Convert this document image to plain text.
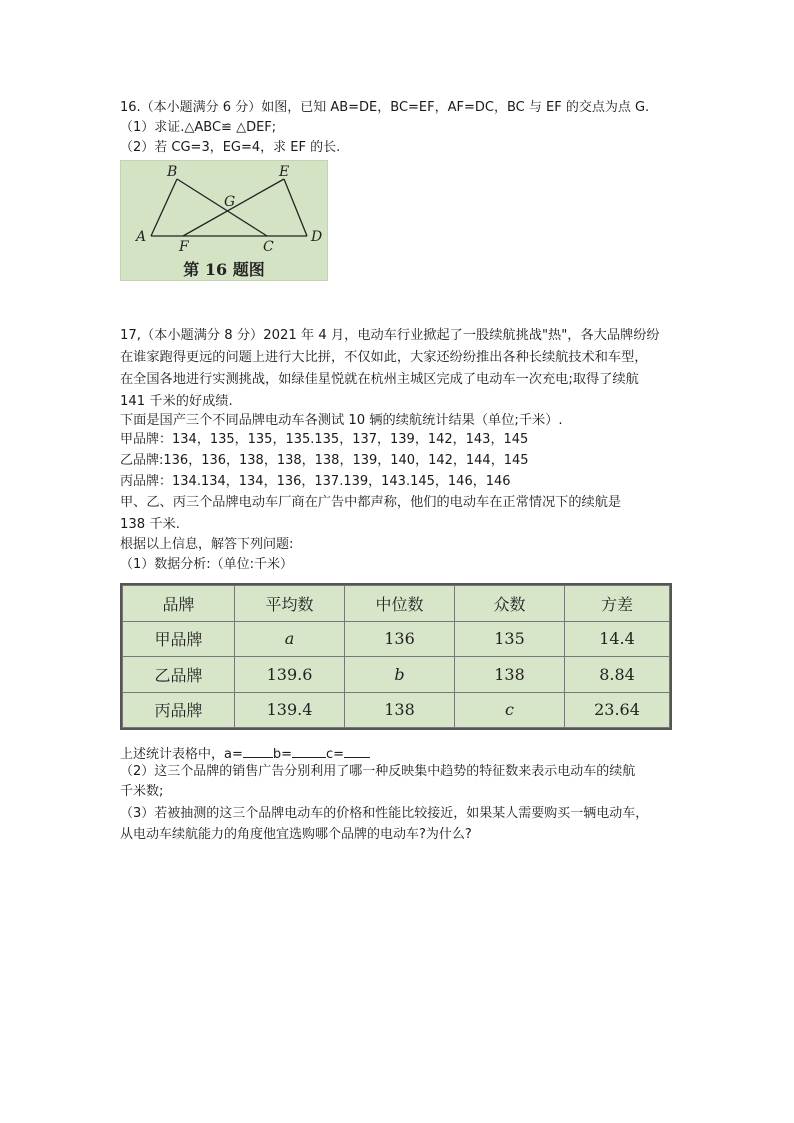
16.（本小题满分 6 分）如图，已知 AB=DE，BC=EF，AF=DC，BC 与 EF 的交点为点 G.
（1）求证.△ABC≌ △DEF;
（2）若 CG=3，EG=4，求 EF 的长.
B	E
G
A	D
F	C
第 16 题图
17,（本小题满分 8 分）2021 年 4 月，电动车行业掀起了一股续航挑战"热"，各大品牌纷纷
在谁家跑得更远的问题上进行大比拼，不仅如此，大家还纷纷推出各种长续航技术和车型，
在全国各地进行实测挑战，如绿佳星悦就在杭州主城区完成了电动车一次充电;取得了续航
141 千米的好成绩.
下面是国产三个不同品牌电动车各测试 10 辆的续航统计结果（单位;千米）.
甲品牌：134，135，135，135.135，137，139，142，143，145
乙品牌:136，136，138，138，138，139，140，142，144，145
丙品牌：134.134，134，136，137.139，143.145，146，146
甲、乙、丙三个品牌电动车厂商在广告中都声称，他们的电动车在正常情况下的续航是
138 千米.
根据以上信息，解答下列问题:
（1）数据分析:（单位:千米）
品牌	平均数	中位数	众数	方差
甲品牌	a	136	135	14.4
乙品牌	139.6	b	138	8.84
丙品牌	139.4	138	c	23.64
上述统计表格中，a= b=	c=
（2）这三个品牌的销售广告分别利用了哪一种反映集中趋势的特征数来表示电动车的续航
千米数;
（3）若被抽测的这三个品牌电动车的价格和性能比较接近，如果某人需要购买一辆电动车，
从电动车续航能力的角度他宜选购哪个品牌的电动车?为什么?
